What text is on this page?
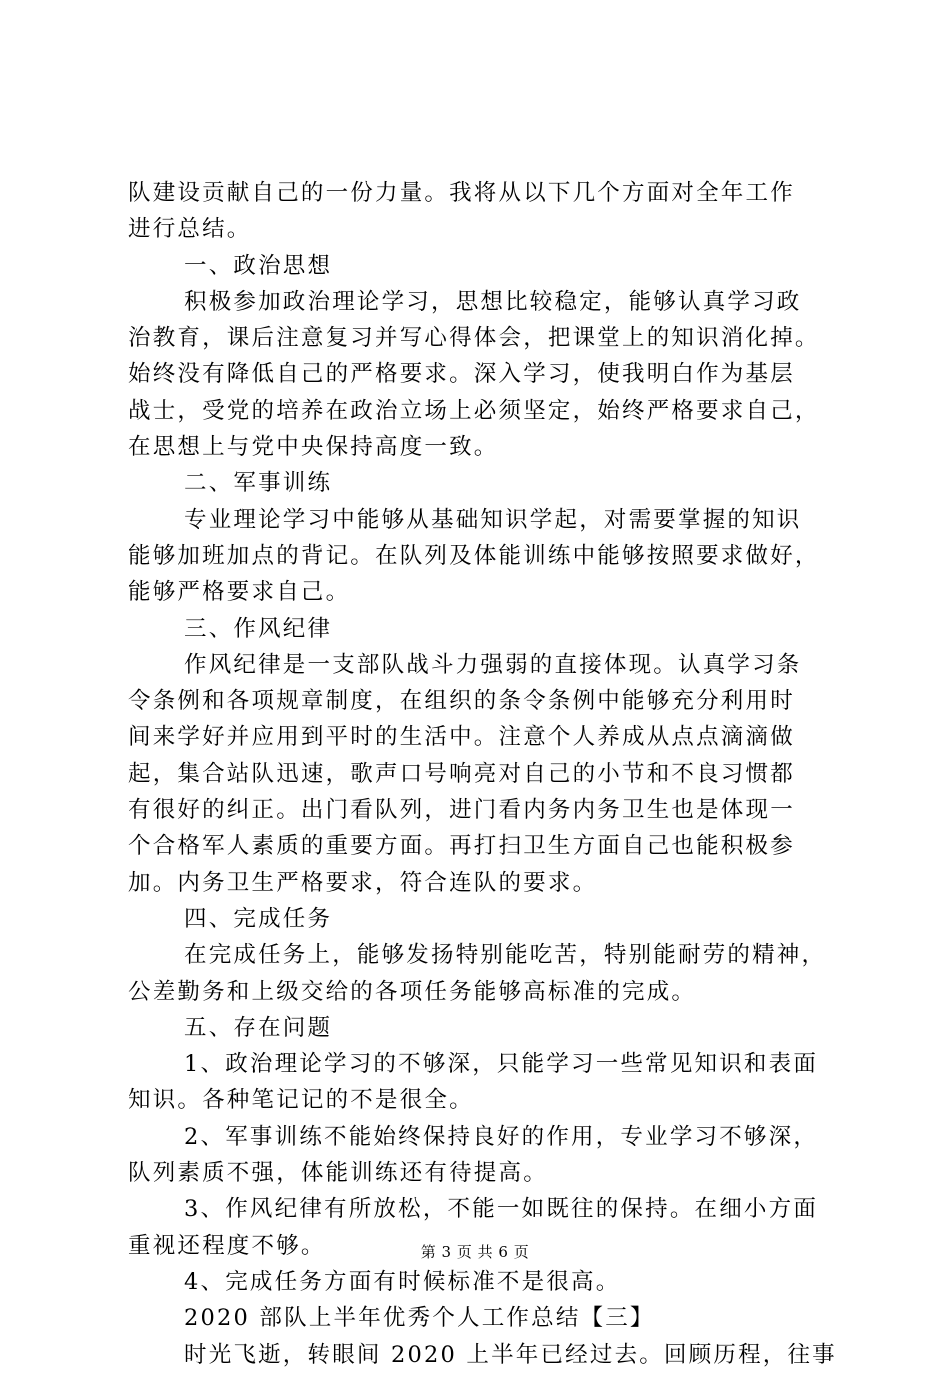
队建设贡献自己的一份力量。我将从以下几个方面对全年工作
进行总结。
一、政治思想
积极参加政治理论学习，思想比较稳定，能够认真学习政
治教育，课后注意复习并写心得体会，把课堂上的知识消化掉。
始终没有降低自己的严格要求。深入学习，使我明白作为基层
战士，受党的培养在政治立场上必须坚定，始终严格要求自己，
在思想上与党中央保持高度一致。
二、军事训练
专业理论学习中能够从基础知识学起，对需要掌握的知识
能够加班加点的背记。在队列及体能训练中能够按照要求做好，
能够严格要求自己。
三、作风纪律
作风纪律是一支部队战斗力强弱的直接体现。认真学习条
令条例和各项规章制度，在组织的条令条例中能够充分利用时
间来学好并应用到平时的生活中。注意个人养成从点点滴滴做
起，集合站队迅速，歌声口号响亮对自己的小节和不良习惯都
有很好的纠正。出门看队列，进门看内务内务卫生也是体现一
个合格军人素质的重要方面。再打扫卫生方面自己也能积极参
加。内务卫生严格要求，符合连队的要求。
四、完成任务
在完成任务上，能够发扬特别能吃苦，特别能耐劳的精神，
公差勤务和上级交给的各项任务能够高标准的完成。
五、存在问题
1、政治理论学习的不够深，只能学习一些常见知识和表面
知识。各种笔记记的不是很全。
2、军事训练不能始终保持良好的作用，专业学习不够深，
队列素质不强，体能训练还有待提高。
3、作风纪律有所放松，不能一如既往的保持。在细小方面
重视还程度不够。
4、完成任务方面有时候标准不是很高。
2020 部队上半年优秀个人工作总结【三】
时光飞逝，转眼间 2020 上半年已经过去。回顾历程，往事
第 3 页 共 6 页
